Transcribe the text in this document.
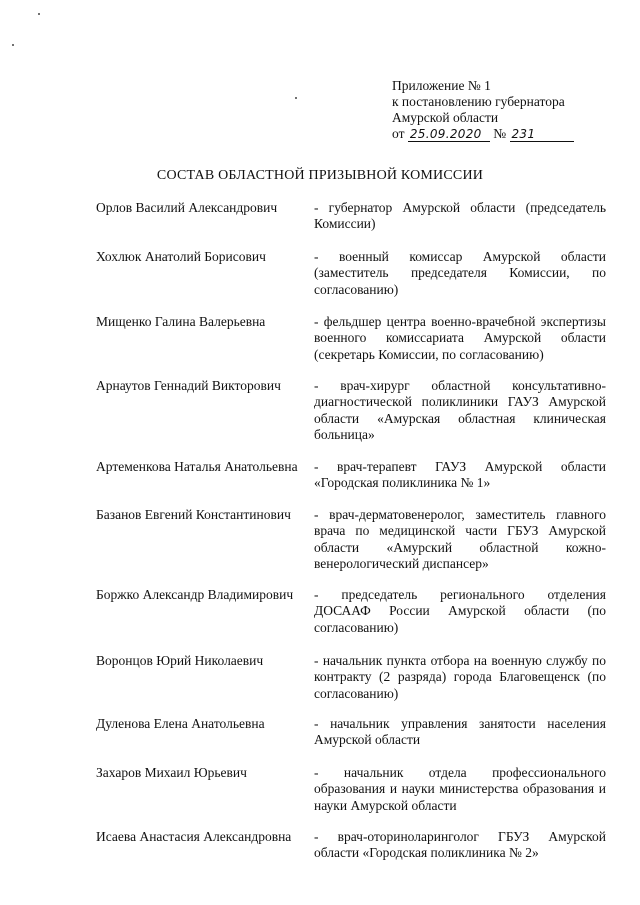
Приложение № 1
к постановлению губернатора
Амурской области
от 25.09.2020 № 231
СОСТАВ ОБЛАСТНОЙ ПРИЗЫВНОЙ КОМИССИИ
Орлов Василий Александрович	- губернатор Амурской области (председатель Комиссии)
Хохлюк Анатолий Борисович	- военный комиссар Амурской области (заместитель председателя Комиссии, по согласованию)
Мищенко Галина Валерьевна	- фельдшер центра военно-врачебной экспертизы военного комиссариата Амурской области (секретарь Комиссии, по согласованию)
Арнаутов Геннадий Викторович	- врач-хирург областной консультативно-диагностической поликлиники ГАУЗ Амурской области «Амурская областная клиническая больница»
Артеменкова Наталья Анатольевна	- врач-терапевт ГАУЗ Амурской области «Городская поликлиника № 1»
Базанов Евгений Константинович	- врач-дерматовенеролог, заместитель главного врача по медицинской части ГБУЗ Амурской области «Амурский областной кожно-венерологический диспансер»
Боржко Александр Владимирович	- председатель регионального отделения ДОСААФ России Амурской области (по согласованию)
Воронцов Юрий Николаевич	- начальник пункта отбора на военную службу по контракту (2 разряда) города Благовещенск (по согласованию)
Дуленова Елена Анатольевна	- начальник управления занятости населения Амурской области
Захаров Михаил Юрьевич	- начальник отдела профессионального образования и науки министерства образования и науки Амурской области
Исаева Анастасия Александровна	- врач-оториноларинголог ГБУЗ Амурской области «Городская поликлиника № 2»
